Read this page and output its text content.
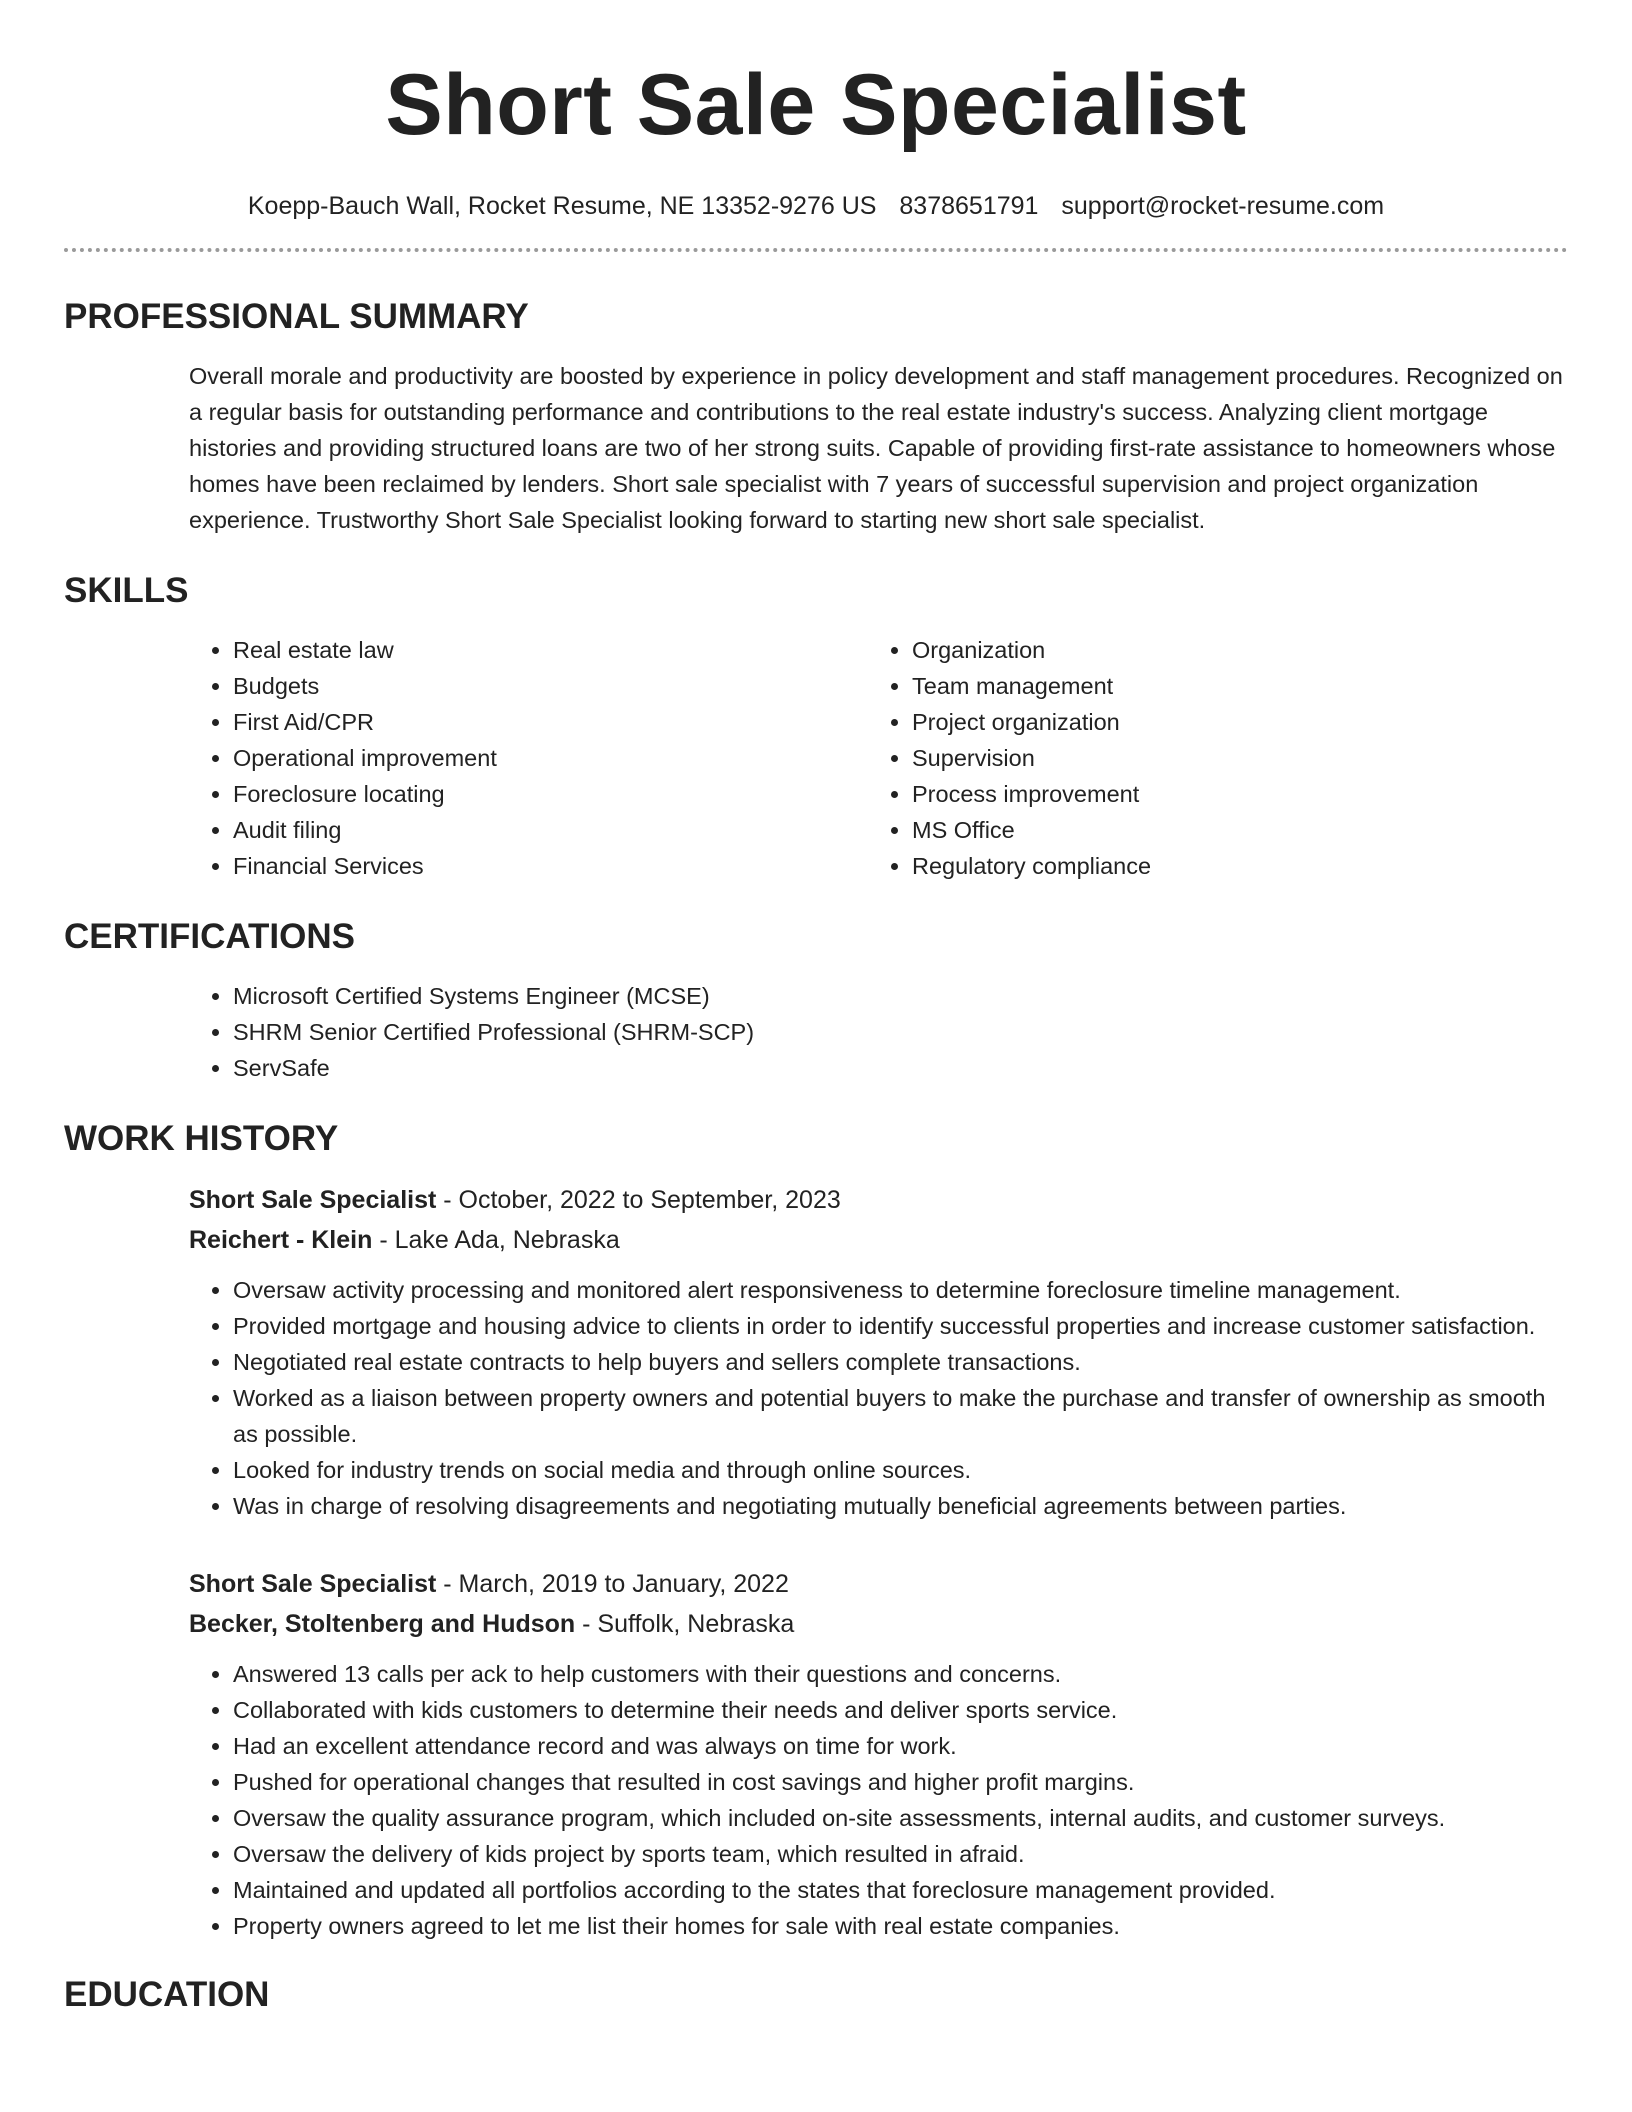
Short Sale Specialist
Koepp-Bauch Wall, Rocket Resume, NE 13352-9276 US 8378651791 support@rocket-resume.com
PROFESSIONAL SUMMARY

Overall morale and productivity are boosted by experience in policy development and staff management procedures. Recognized on a regular basis for outstanding performance and contributions to the real estate industry's success. Analyzing client mortgage histories and providing structured loans are two of her strong suits. Capable of providing first-rate assistance to homeowners whose homes have been reclaimed by lenders. Short sale specialist with 7 years of successful supervision and project organization experience. Trustworthy Short Sale Specialist looking forward to starting new short sale specialist.

SKILLS
• Real estate law
• Budgets
• First Aid/CPR
• Operational improvement
• Foreclosure locating
• Audit filing
• Financial Services
• Organization
• Team management
• Project organization
• Supervision
• Process improvement
• MS Office
• Regulatory compliance
CERTIFICATIONS
• Microsoft Certified Systems Engineer (MCSE)
• SHRM Senior Certified Professional (SHRM-SCP)
• ServSafe
WORK HISTORY
Short Sale Specialist - October, 2022 to September, 2023
Reichert - Klein - Lake Ada, Nebraska
• Oversaw activity processing and monitored alert responsiveness to determine foreclosure timeline management.
• Provided mortgage and housing advice to clients in order to identify successful properties and increase customer satisfaction.
• Negotiated real estate contracts to help buyers and sellers complete transactions.
• Worked as a liaison between property owners and potential buyers to make the purchase and transfer of ownership as smooth as possible.
• Looked for industry trends on social media and through online sources.
• Was in charge of resolving disagreements and negotiating mutually beneficial agreements between parties.
Short Sale Specialist - March, 2019 to January, 2022
Becker, Stoltenberg and Hudson - Suffolk, Nebraska
• Answered 13 calls per ack to help customers with their questions and concerns.
• Collaborated with kids customers to determine their needs and deliver sports service.
• Had an excellent attendance record and was always on time for work.
• Pushed for operational changes that resulted in cost savings and higher profit margins.
• Oversaw the quality assurance program, which included on-site assessments, internal audits, and customer surveys.
• Oversaw the delivery of kids project by sports team, which resulted in afraid.
• Maintained and updated all portfolios according to the states that foreclosure management provided.
• Property owners agreed to let me list their homes for sale with real estate companies.
EDUCATION
